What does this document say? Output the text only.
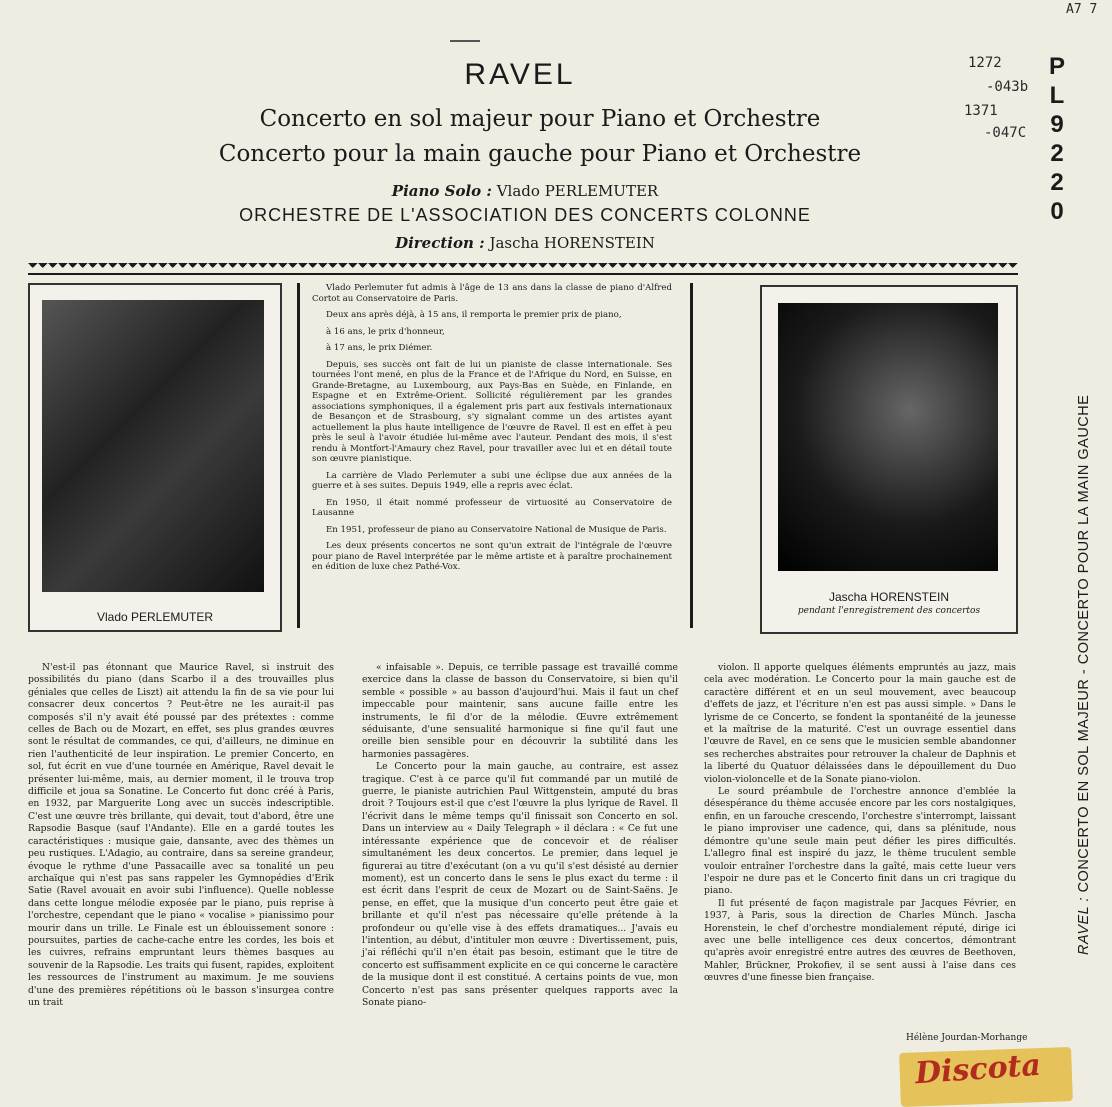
RAVEL
Concerto en sol majeur pour Piano et Orchestre
Concerto pour la main gauche pour Piano et Orchestre
Piano Solo : Vlado PERLEMUTER
ORCHESTRE DE L'ASSOCIATION DES CONCERTS COLONNE
Direction : Jascha HORENSTEIN
P
L
9
2
2
0
1272
-043b
1371
-047C
A7 7
Vlado PERLEMUTER

Vlado Perlemuter fut admis à l'âge de 13 ans dans la classe de piano d'Alfred Cortot au Conservatoire de Paris.

Deux ans après déjà, à 15 ans, il remporta le premier prix de piano,

à 16 ans, le prix d'honneur,

à 17 ans, le prix Diémer.

Depuis, ses succès ont fait de lui un pianiste de classe internationale. Ses tournées l'ont mené, en plus de la France et de l'Afrique du Nord, en Suisse, en Grande-Bretagne, au Luxembourg, aux Pays-Bas en Suède, en Finlande, en Espagne et en Extrême-Orient. Sollicité régulièrement par les grandes associations symphoniques, il a également pris part aux festivals internationaux de Besançon et de Strasbourg, s'y signalant comme un des artistes ayant actuellement la plus haute intelligence de l'œuvre de Ravel. Il est en effet à peu près le seul à l'avoir étudiée lui-même avec l'auteur. Pendant des mois, il s'est rendu à Montfort-l'Amaury chez Ravel, pour travailler avec lui et en détail toute son œuvre pianistique.

La carrière de Vlado Perlemuter a subi une éclipse due aux années de la guerre et à ses suites. Depuis 1949, elle a repris avec éclat.

En 1950, il était nommé professeur de virtuosité au Conservatoire de Lausanne

En 1951, professeur de piano au Conservatoire National de Musique de Paris.

Les deux présents concertos ne sont qu'un extrait de l'intégrale de l'œuvre pour piano de Ravel interprétée par le même artiste et à paraître prochainement en édition de luxe chez Pathé-Vox.

Jascha HORENSTEIN
pendant l'enregistrement des concertos

N'est-il pas étonnant que Maurice Ravel, si instruit des possibilités du piano (dans Scarbo il a des trouvailles plus géniales que celles de Liszt) ait attendu la fin de sa vie pour lui consacrer deux concertos ? Peut-être ne les aurait-il pas composés s'il n'y avait été poussé par des prétextes : comme celles de Bach ou de Mozart, en effet, ses plus grandes œuvres sont le résultat de commandes, ce qui, d'ailleurs, ne diminue en rien l'authenticité de leur inspiration. Le premier Concerto, en sol, fut écrit en vue d'une tournée en Amérique, Ravel devait le présenter lui-même, mais, au dernier moment, il le trouva trop difficile et joua sa Sonatine. Le Concerto fut donc créé à Paris, en 1932, par Marguerite Long avec un succès indescriptible. C'est une œuvre très brillante, qui devait, tout d'abord, être une Rapsodie Basque (sauf l'Andante). Elle en a gardé toutes les caractéristiques : musique gaie, dansante, avec des thèmes un peu rustiques. L'Adagio, au contraire, dans sa sereine grandeur, évoque le rythme d'une Passacaille avec sa tonalité un peu archaïque qui n'est pas sans rappeler les Gymnopédies d'Erik Satie (Ravel avouait en avoir subi l'influence). Quelle noblesse dans cette longue mélodie exposée par le piano, puis reprise à l'orchestre, cependant que le piano « vocalise » pianissimo pour mourir dans un trille. Le Finale est un éblouissement sonore : poursuites, parties de cache-cache entre les cordes, les bois et les cuivres, refrains empruntant leurs thèmes basques au souvenir de la Rapsodie. Les traits qui fusent, rapides, exploitent les ressources de l'instrument au maximum. Je me souviens d'une des premières répétitions où le basson s'insurgea contre un trait

« infaisable ». Depuis, ce terrible passage est travaillé comme exercice dans la classe de basson du Conservatoire, si bien qu'il semble « possible » au basson d'aujourd'hui. Mais il faut un chef impeccable pour maintenir, sans aucune faille entre les instruments, le fil d'or de la mélodie. Œuvre extrêmement séduisante, d'une sensualité harmonique si fine qu'il faut une oreille bien sensible pour en découvrir la subtilité dans les harmonies passagères.

Le Concerto pour la main gauche, au contraire, est assez tragique. C'est à ce parce qu'il fut commandé par un mutilé de guerre, le pianiste autrichien Paul Wittgenstein, amputé du bras droit ? Toujours est-il que c'est l'œuvre la plus lyrique de Ravel. Il l'écrivit dans le même temps qu'il finissait son Concerto en sol. Dans un interview au « Daily Telegraph » il déclara : « Ce fut une intéressante expérience que de concevoir et de réaliser simultanément les deux concertos. Le premier, dans lequel je figurerai au titre d'exécutant (on a vu qu'il s'est désisté au dernier moment), est un concerto dans le sens le plus exact du terme : il est écrit dans l'esprit de ceux de Mozart ou de Saint-Saëns. Je pense, en effet, que la musique d'un concerto peut être gaie et brillante et qu'il n'est pas nécessaire qu'elle prétende à la profondeur ou qu'elle vise à des effets dramatiques... J'avais eu l'intention, au début, d'intituler mon œuvre : Divertissement, puis, j'ai réfléchi qu'il n'en était pas besoin, estimant que le titre de concerto est suffisamment explicite en ce qui concerne le caractère de la musique dont il est constitué. A certains points de vue, mon Concerto n'est pas sans présenter quelques rapports avec la Sonate piano-

violon. Il apporte quelques éléments empruntés au jazz, mais cela avec modération. Le Concerto pour la main gauche est de caractère différent et en un seul mouvement, avec beaucoup d'effets de jazz, et l'écriture n'en est pas aussi simple. » Dans le lyrisme de ce Concerto, se fondent la spontanéité de la jeunesse et la maîtrise de la maturité. C'est un ouvrage essentiel dans l'œuvre de Ravel, en ce sens que le musicien semble abandonner ses recherches abstraites pour retrouver la chaleur de Daphnis et la liberté du Quatuor délaissées dans le dépouillement du Duo violon-violoncelle et de la Sonate piano-violon.

Le sourd préambule de l'orchestre annonce d'emblée la désespérance du thème accusée encore par les cors nostalgiques, enfin, en un farouche crescendo, l'orchestre s'interrompt, laissant le piano improviser une cadence, qui, dans sa plénitude, nous démontre qu'une seule main peut défier les pires difficultés. L'allegro final est inspiré du jazz, le thème truculent semble vouloir entraîner l'orchestre dans la gaîté, mais cette lueur vers l'espoir ne dure pas et le Concerto finit dans un cri tragique du piano.

Il fut présenté de façon magistrale par Jacques Février, en 1937, à Paris, sous la direction de Charles Münch. Jascha Horenstein, le chef d'orchestre mondialement réputé, dirige ici avec une belle intelligence ces deux concertos, démontrant qu'après avoir enregistré entre autres des œuvres de Beethoven, Mahler, Brückner, Prokofiev, il se sent aussi à l'aise dans ces œuvres d'une finesse bien française.

RAVEL : CONCERTO EN SOL MAJEUR - CONCERTO POUR LA MAIN GAUCHE
Hélène Jourdan-Morhange
Discota
